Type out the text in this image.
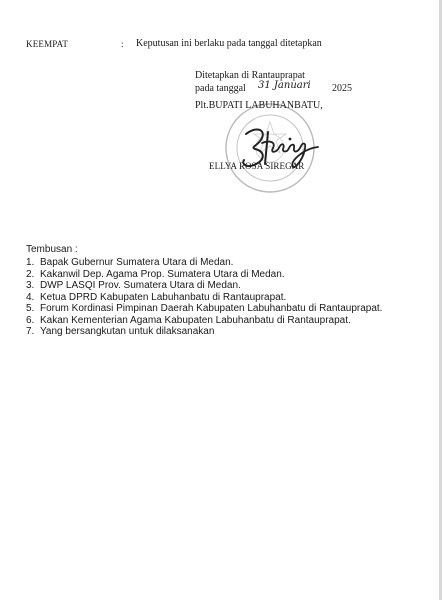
KEEMPAT	: Keputusan ini berlaku pada tanggal ditetapkan
Ditetapkan di Rantauprapat
pada tanggal 31 Januari 2025
Plt.BUPATI LABUHANBATU,
ELLYA ROSA SIREGAR
Tembusan :
1. Bapak Gubernur Sumatera Utara di Medan.
2. Kakanwil Dep. Agama Prop. Sumatera Utara di Medan.
3. DWP LASQI Prov. Sumatera Utara di Medan.
4. Ketua DPRD Kabupaten Labuhanbatu di Rantauprapat.
5. Forum Kordinasi Pimpinan Daerah Kabupaten Labuhanbatu di Rantauprapat.
6. Kakan Kementerian Agama Kabupaten Labuhanbatu di Rantauprapat.
7. Yang bersangkutan untuk dilaksanakan
